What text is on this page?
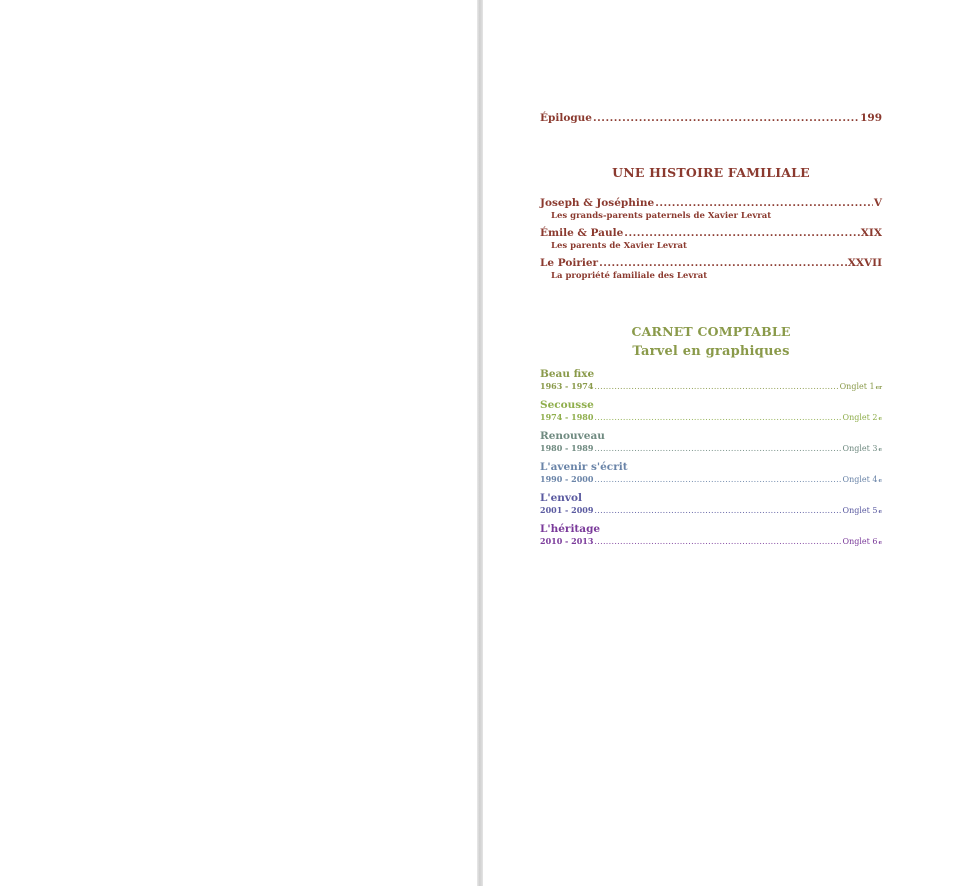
Épilogue .....	199
UNE HISTOIRE FAMILIALE
Joseph & Joséphine .....	V
Les grands-parents paternels de Xavier Levrat
Émile & Paule .....	XIX
Les parents de Xavier Levrat
Le Poirier .....	XXVII
La propriété familiale des Levrat
CARNET COMPTABLE
Tarvel en graphiques
Beau fixe
1963 - 1974 .....	Onglet 1 er
Secousse
1974 - 1980 .....	Onglet 2 e
Renouveau
1980 - 1989 .....	Onglet 3 e
L'avenir s'écrit
1990 - 2000 .....	Onglet 4 e
L'envol
2001 - 2009 .....	Onglet 5 e
L'héritage
2010 - 2013 .....	Onglet 6 e
